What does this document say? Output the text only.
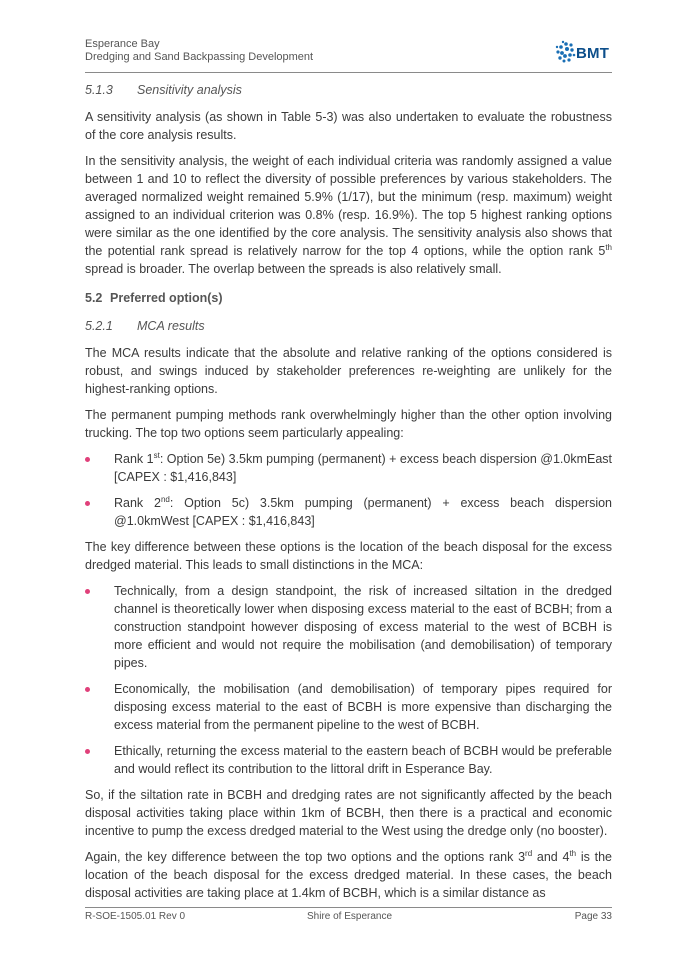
Esperance Bay
Dredging and Sand Backpassing Development	BMT
5.1.3 Sensitivity analysis

A sensitivity analysis (as shown in Table 5-3) was also undertaken to evaluate the robustness of the core analysis results.

In the sensitivity analysis, the weight of each individual criteria was randomly assigned a value between 1 and 10 to reflect the diversity of possible preferences by various stakeholders. The averaged normalized weight remained 5.9% (1/17), but the minimum (resp. maximum) weight assigned to an individual criterion was 0.8% (resp. 16.9%). The top 5 highest ranking options were similar as the one identified by the core analysis. The sensitivity analysis also shows that the potential rank spread is relatively narrow for the top 4 options, while the option rank 5th spread is broader. The overlap between the spreads is also relatively small.

5.2 Preferred option(s)
5.2.1 MCA results

The MCA results indicate that the absolute and relative ranking of the options considered is robust, and swings induced by stakeholder preferences re-weighting are unlikely for the highest-ranking options.

The permanent pumping methods rank overwhelmingly higher than the other option involving trucking. The top two options seem particularly appealing:

Rank 1st: Option 5e) 3.5km pumping (permanent) + excess beach dispersion @1.0kmEast [CAPEX : $1,416,843]
Rank 2nd: Option 5c) 3.5km pumping (permanent) + excess beach dispersion @1.0kmWest [CAPEX : $1,416,843]

The key difference between these options is the location of the beach disposal for the excess dredged material. This leads to small distinctions in the MCA:

Technically, from a design standpoint, the risk of increased siltation in the dredged channel is theoretically lower when disposing excess material to the east of BCBH; from a construction standpoint however disposing of excess material to the west of BCBH is more efficient and would not require the mobilisation (and demobilisation) of temporary pipes.
Economically, the mobilisation (and demobilisation) of temporary pipes required for disposing excess material to the east of BCBH is more expensive than discharging the excess material from the permanent pipeline to the west of BCBH.
Ethically, returning the excess material to the eastern beach of BCBH would be preferable and would reflect its contribution to the littoral drift in Esperance Bay.

So, if the siltation rate in BCBH and dredging rates are not significantly affected by the beach disposal activities taking place within 1km of BCBH, then there is a practical and economic incentive to pump the excess dredged material to the West using the dredge only (no booster).

Again, the key difference between the top two options and the options rank 3rd and 4th is the location of the beach disposal for the excess dredged material. In these cases, the beach disposal activities are taking place at 1.4km of BCBH, which is a similar distance as

R-SOE-1505.01 Rev 0	Shire of Esperance	Page 33
